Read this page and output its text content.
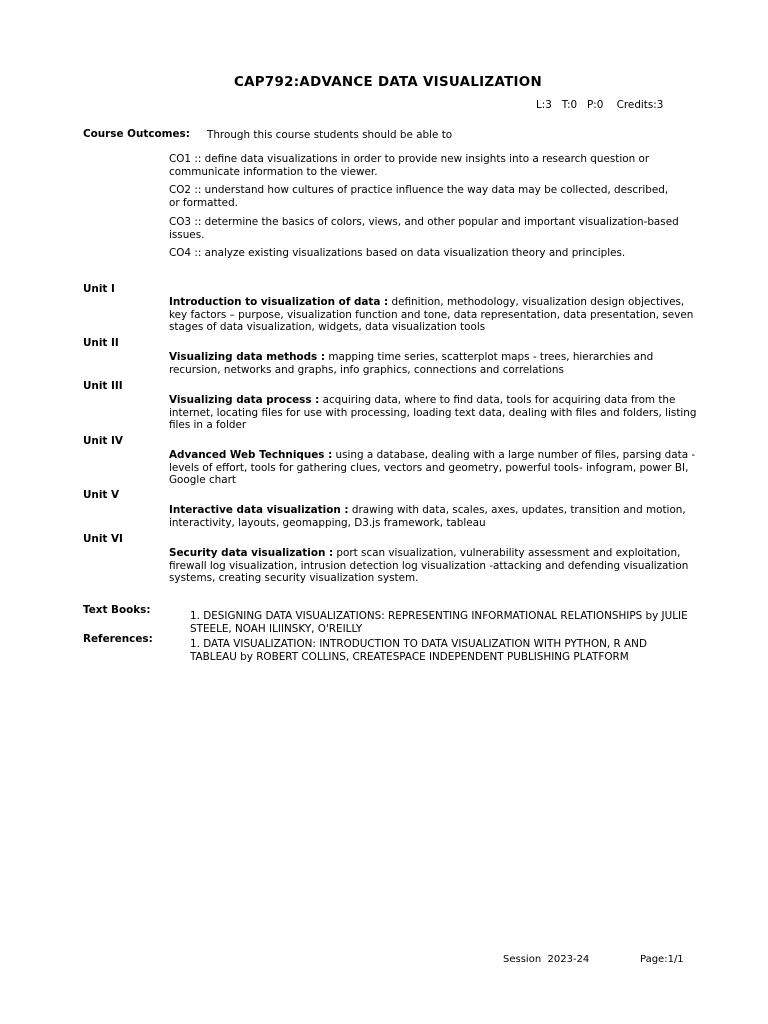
CAP792:ADVANCE DATA VISUALIZATION
L:3   T:0   P:0    Credits:3
Course Outcomes: Through this course students should be able to
CO1 :: define data visualizations in order to provide new insights into a research question or communicate information to the viewer.
CO2 :: understand how cultures of practice influence the way data may be collected, described, or formatted.
CO3 :: determine the basics of colors, views, and other popular and important visualization-based issues.
CO4 :: analyze existing visualizations based on data visualization theory and principles.
Unit I
Introduction to visualization of data : definition, methodology, visualization design objectives, key factors – purpose, visualization function and tone, data representation, data presentation, seven stages of data visualization, widgets, data visualization tools
Unit II
Visualizing data methods : mapping time series, scatterplot maps - trees, hierarchies and recursion, networks and graphs, info graphics, connections and correlations
Unit III
Visualizing data process : acquiring data, where to find data, tools for acquiring data from the internet, locating files for use with processing, loading text data, dealing with files and folders, listing files in a folder
Unit IV
Advanced Web Techniques : using a database, dealing with a large number of files, parsing data - levels of effort, tools for gathering clues, vectors and geometry, powerful tools- infogram, power BI, Google chart
Unit V
Interactive data visualization : drawing with data, scales, axes, updates, transition and motion, interactivity, layouts, geomapping, D3.js framework, tableau
Unit VI
Security data visualization : port scan visualization, vulnerability assessment and exploitation, firewall log visualization, intrusion detection log visualization -attacking and defending visualization systems, creating security visualization system.
Text Books:	1. DESIGNING DATA VISUALIZATIONS: REPRESENTING INFORMATIONAL RELATIONSHIPS by JULIE STEELE, NOAH ILIINSKY, O'REILLY
References:	1. DATA VISUALIZATION: INTRODUCTION TO DATA VISUALIZATION WITH PYTHON, R AND TABLEAU by ROBERT COLLINS, CREATESPACE INDEPENDENT PUBLISHING PLATFORM
Session  2023-24	Page:1/1
